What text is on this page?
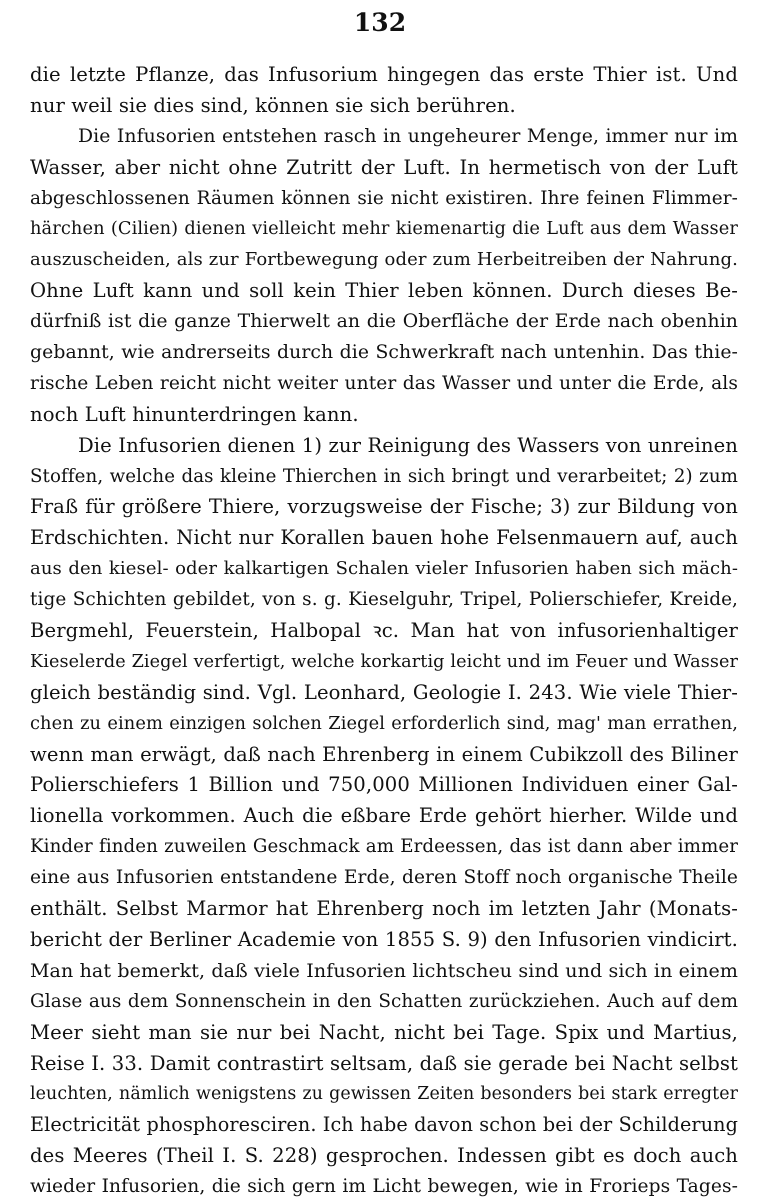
132
die letzte Pflanze, das Infusorium hingegen das erste Thier ist. Und
nur weil sie dies sind, können sie sich berühren.
Die Infusorien entstehen rasch in ungeheurer Menge, immer nur im
Wasser, aber nicht ohne Zutritt der Luft. In hermetisch von der Luft
abgeschlossenen Räumen können sie nicht existiren. Ihre feinen Flimmer-
härchen (Cilien) dienen vielleicht mehr kiemenartig die Luft aus dem Wasser
auszuscheiden, als zur Fortbewegung oder zum Herbeitreiben der Nahrung.
Ohne Luft kann und soll kein Thier leben können. Durch dieses Be-
dürfniß ist die ganze Thierwelt an die Oberfläche der Erde nach obenhin
gebannt, wie andrerseits durch die Schwerkraft nach untenhin. Das thie-
rische Leben reicht nicht weiter unter das Wasser und unter die Erde, als
noch Luft hinunterdringen kann.
Die Infusorien dienen 1) zur Reinigung des Wassers von unreinen
Stoffen, welche das kleine Thierchen in sich bringt und verarbeitet; 2) zum
Fraß für größere Thiere, vorzugsweise der Fische; 3) zur Bildung von
Erdschichten. Nicht nur Korallen bauen hohe Felsenmauern auf, auch
aus den kiesel- oder kalkartigen Schalen vieler Infusorien haben sich mäch-
tige Schichten gebildet, von s. g. Kieselguhr, Tripel, Polierschiefer, Kreide,
Bergmehl, Feuerstein, Halbopal ꝛc. Man hat von infusorienhaltiger
Kieselerde Ziegel verfertigt, welche korkartig leicht und im Feuer und Wasser
gleich beständig sind. Vgl. Leonhard, Geologie I. 243. Wie viele Thier-
chen zu einem einzigen solchen Ziegel erforderlich sind, mag' man errathen,
wenn man erwägt, daß nach Ehrenberg in einem Cubikzoll des Biliner
Polierschiefers 1 Billion und 750,000 Millionen Individuen einer Gal-
lionella vorkommen. Auch die eßbare Erde gehört hierher. Wilde und
Kinder finden zuweilen Geschmack am Erdeessen, das ist dann aber immer
eine aus Infusorien entstandene Erde, deren Stoff noch organische Theile
enthält. Selbst Marmor hat Ehrenberg noch im letzten Jahr (Monats-
bericht der Berliner Academie von 1855 S. 9) den Infusorien vindicirt.
Man hat bemerkt, daß viele Infusorien lichtscheu sind und sich in einem
Glase aus dem Sonnenschein in den Schatten zurückziehen. Auch auf dem
Meer sieht man sie nur bei Nacht, nicht bei Tage. Spix und Martius,
Reise I. 33. Damit contrastirt seltsam, daß sie gerade bei Nacht selbst
leuchten, nämlich wenigstens zu gewissen Zeiten besonders bei stark erregter
Electricität phosphoresciren. Ich habe davon schon bei der Schilderung
des Meeres (Theil I. S. 228) gesprochen. Indessen gibt es doch auch
wieder Infusorien, die sich gern im Licht bewegen, wie in Frorieps Tages-
